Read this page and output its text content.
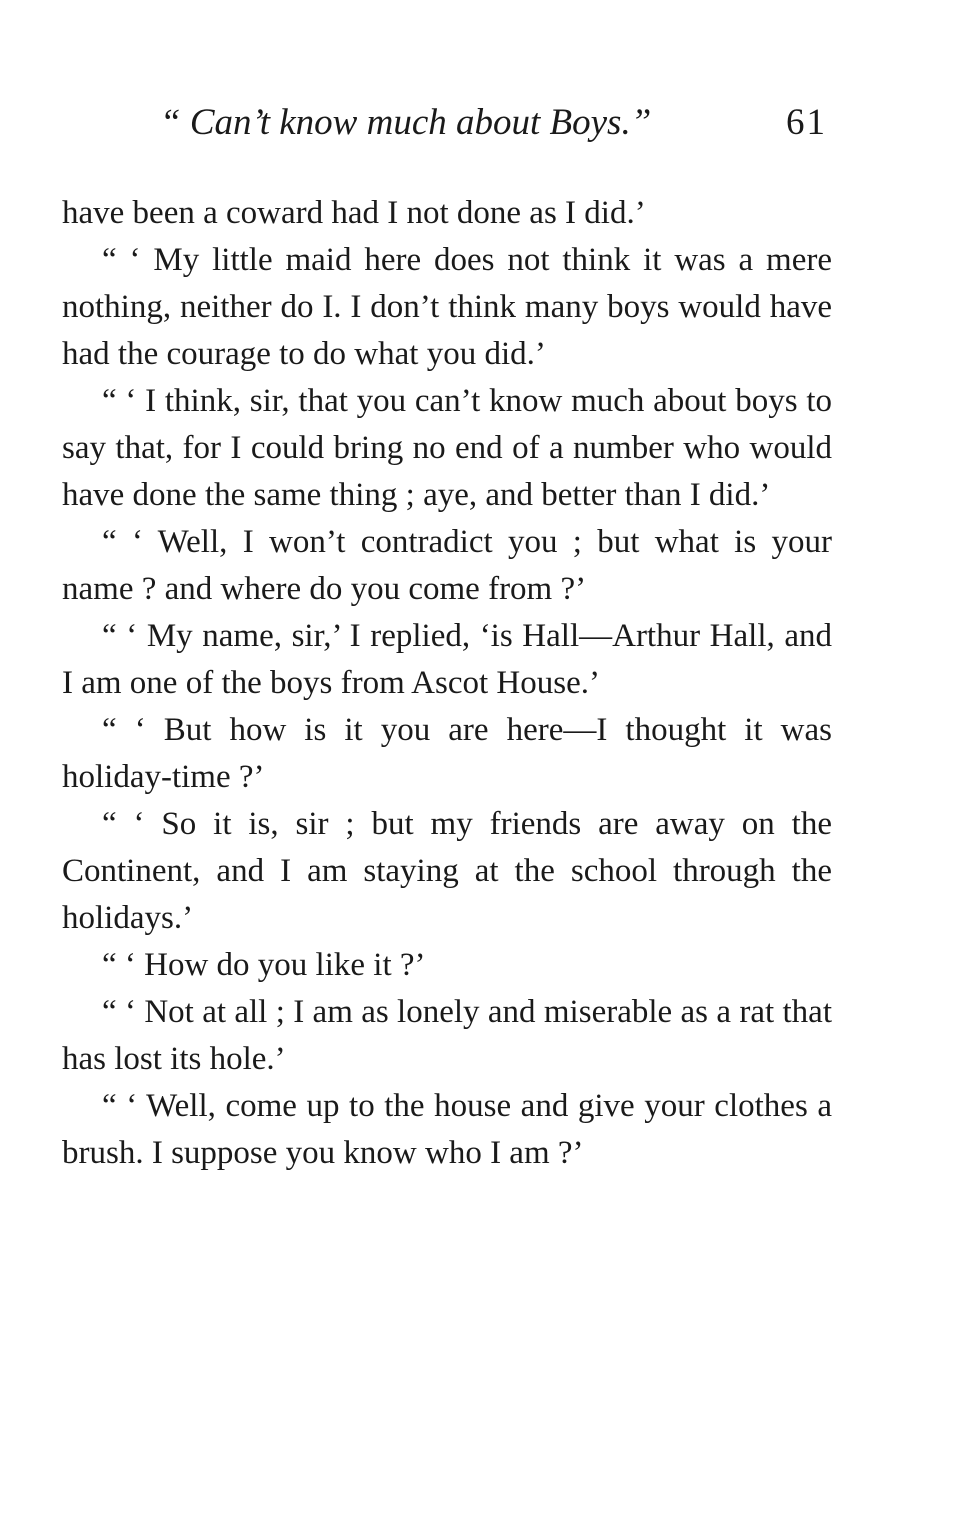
“ Can’t know much about Boys.”	61

have been a coward had I not done as I did.’

“ ‘ My little maid here does not think it was a mere nothing, neither do I. I don’t think many boys would have had the courage to do what you did.’

“ ‘ I think, sir, that you can’t know much about boys to say that, for I could bring no end of a number who would have done the same thing ; aye, and better than I did.’

“ ‘ Well, I won’t contradict you ; but what is your name ? and where do you come from ?’

“ ‘ My name, sir,’ I replied, ‘is Hall—Arthur Hall, and I am one of the boys from Ascot House.’

“ ‘ But how is it you are here—I thought it was holiday-time ?’

“ ‘ So it is, sir ; but my friends are away on the Continent, and I am staying at the school through the holidays.’

“ ‘ How do you like it ?’

“ ‘ Not at all ; I am as lonely and miserable as a rat that has lost its hole.’

“ ‘ Well, come up to the house and give your clothes a brush. I suppose you know who I am ?’
